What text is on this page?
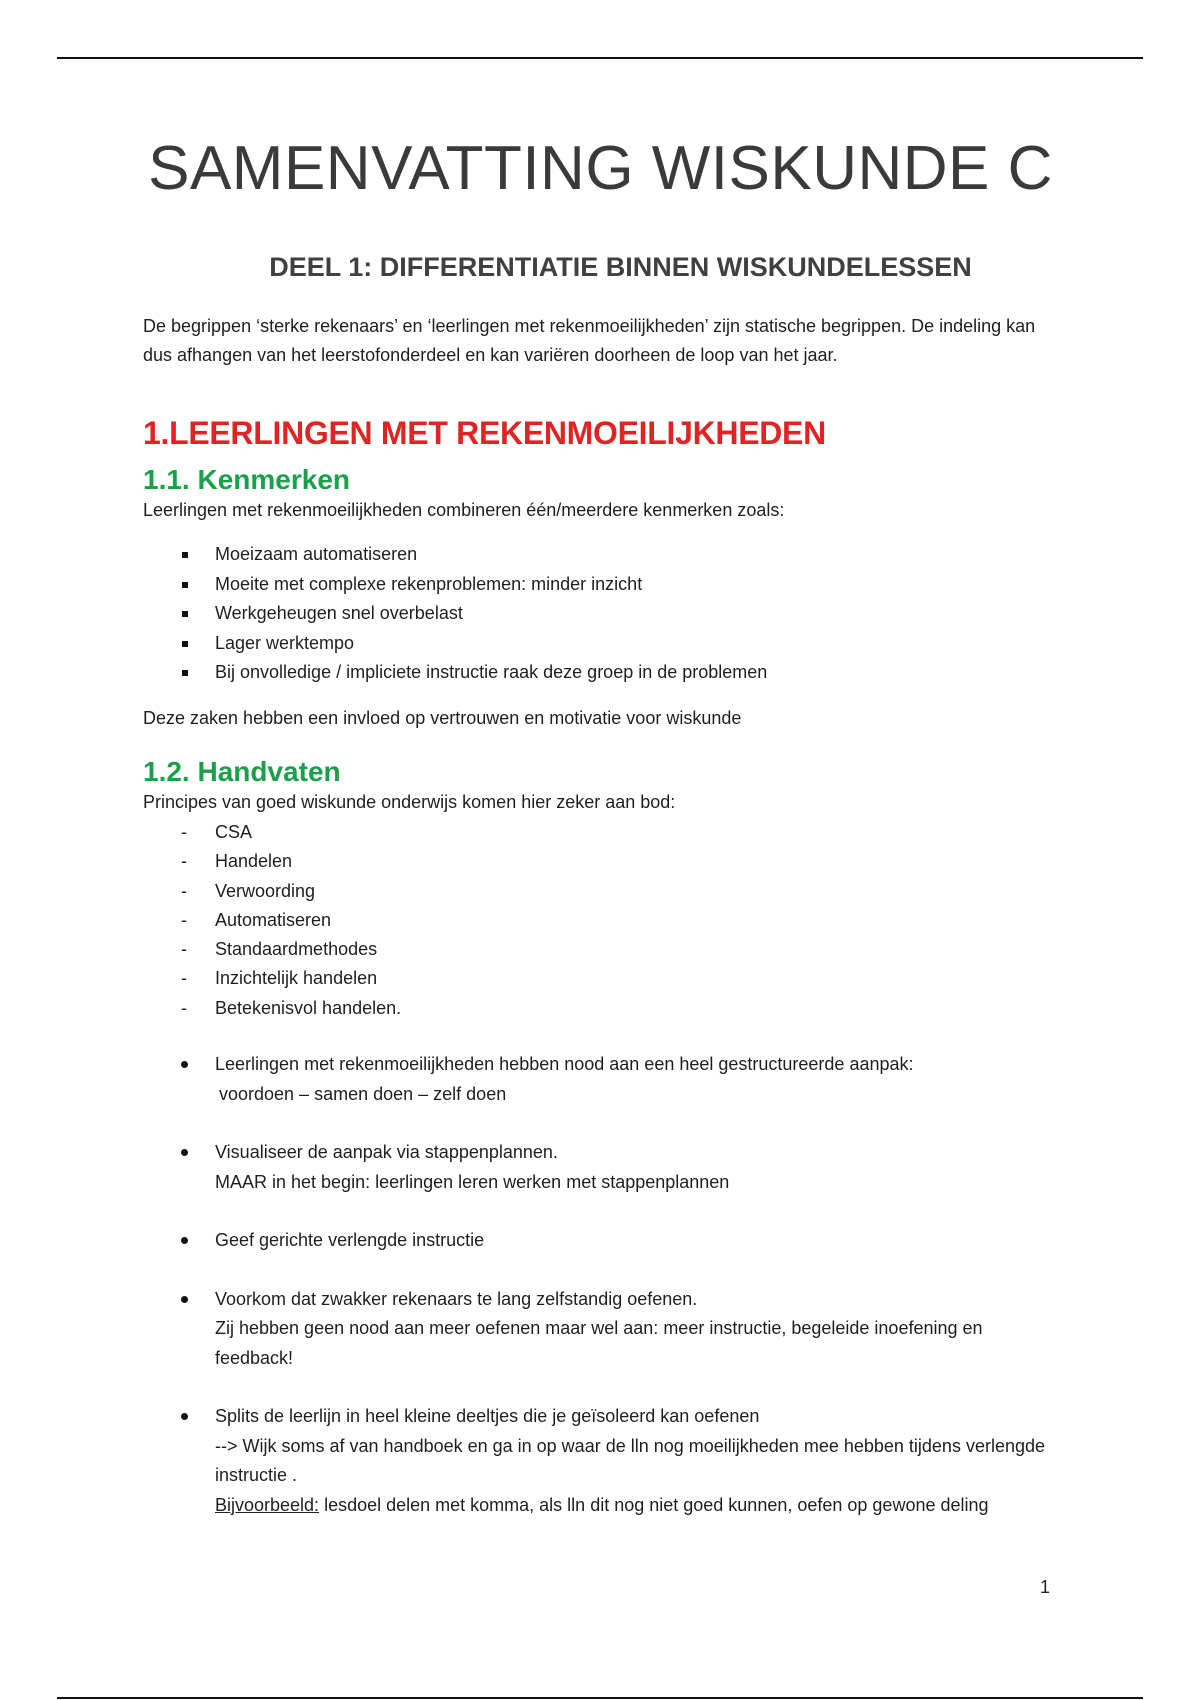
SAMENVATTING WISKUNDE C
DEEL 1: DIFFERENTIATIE BINNEN WISKUNDELESSEN

De begrippen ‘sterke rekenaars’ en ‘leerlingen met rekenmoeilijkheden’ zijn statische begrippen. De indeling kan dus afhangen van het leerstofonderdeel en kan variëren doorheen de loop van het jaar.

1.LEERLINGEN MET REKENMOEILIJKHEDEN
1.1. Kenmerken

Leerlingen met rekenmoeilijkheden combineren één/meerdere kenmerken zoals:

Moeizaam automatiseren
Moeite met complexe rekenproblemen: minder inzicht
Werkgeheugen snel overbelast
Lager werktempo
Bij onvolledige / impliciete instructie raak deze groep in de problemen

Deze zaken hebben een invloed op vertrouwen en motivatie voor wiskunde

1.2. Handvaten

Principes van goed wiskunde onderwijs komen hier zeker aan bod:

- CSA
- Handelen
- Verwoording
- Automatiseren
- Standaardmethodes
- Inzichtelijk handelen
- Betekenisvol handelen.
Leerlingen met rekenmoeilijkheden hebben nood aan een heel gestructureerde aanpak:
voordoen – samen doen – zelf doen
Visualiseer de aanpak via stappenplannen.
MAAR in het begin: leerlingen leren werken met stappenplannen
Geef gerichte verlengde instructie
Voorkom dat zwakker rekenaars te lang zelfstandig oefenen.
Zij hebben geen nood aan meer oefenen maar wel aan: meer instructie, begeleide inoefening en feedback!
Splits de leerlijn in heel kleine deeltjes die je geïsoleerd kan oefenen
--> Wijk soms af van handboek en ga in op waar de lln nog moeilijkheden mee hebben tijdens verlengde instructie .
Bijvoorbeeld: lesdoel delen met komma, als lln dit nog niet goed kunnen, oefen op gewone deling
1
